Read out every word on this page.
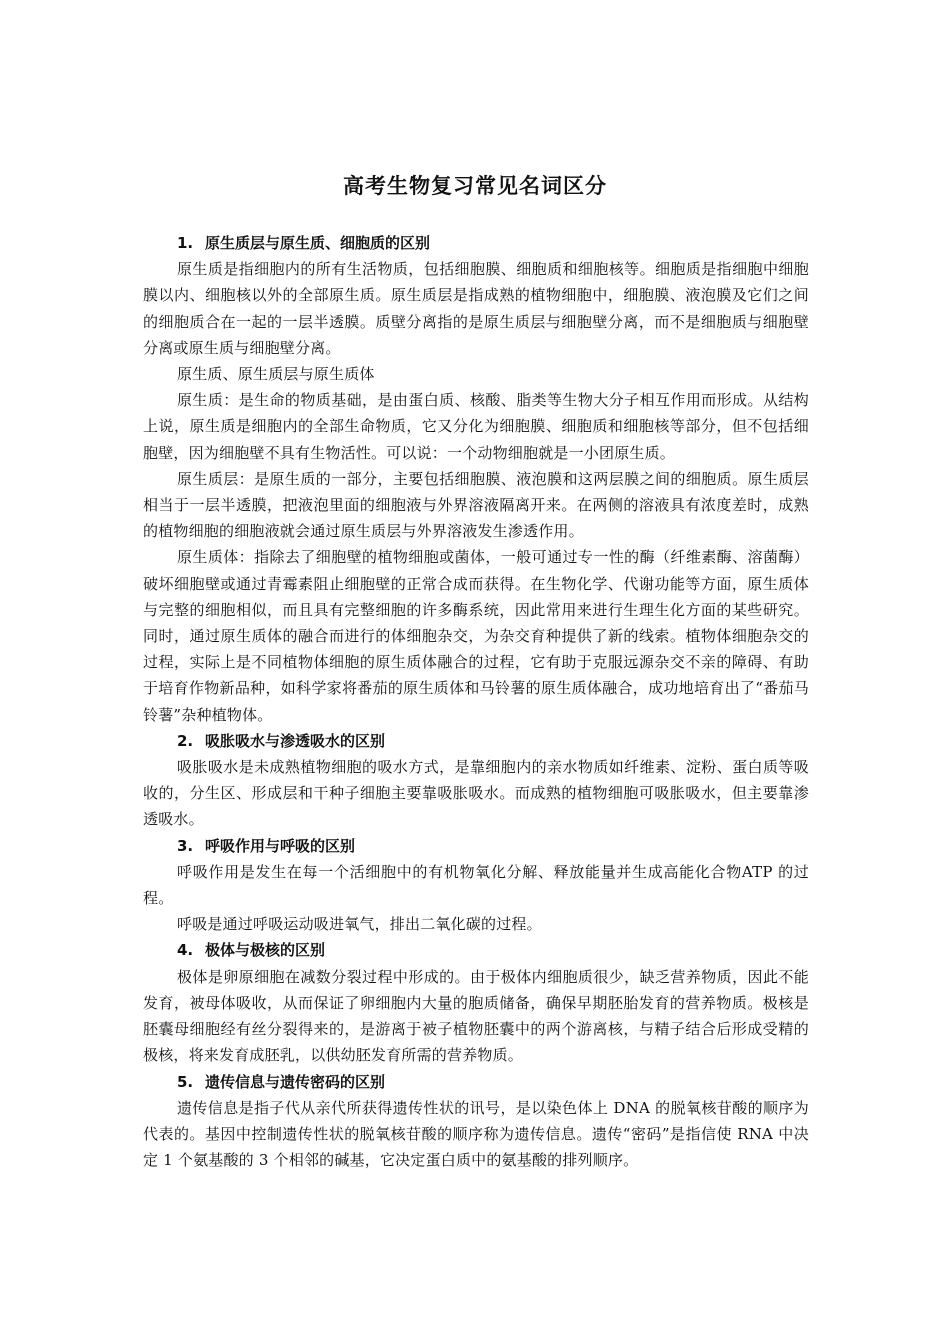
高考生物复习常见名词区分
1. 原生质层与原生质、细胞质的区别

原生质是指细胞内的所有生活物质，包括细胞膜、细胞质和细胞核等。细胞质是指细胞中细胞膜以内、细胞核以外的全部原生质。原生质层是指成熟的植物细胞中，细胞膜、液泡膜及它们之间的细胞质合在一起的一层半透膜。质壁分离指的是原生质层与细胞壁分离，而不是细胞质与细胞壁分离或原生质与细胞壁分离。

原生质、原生质层与原生质体

原生质：是生命的物质基础，是由蛋白质、核酸、脂类等生物大分子相互作用而形成。从结构上说，原生质是细胞内的全部生命物质，它又分化为细胞膜、细胞质和细胞核等部分，但不包括细胞壁，因为细胞壁不具有生物活性。可以说：一个动物细胞就是一小团原生质。

原生质层：是原生质的一部分，主要包括细胞膜、液泡膜和这两层膜之间的细胞质。原生质层相当于一层半透膜，把液泡里面的细胞液与外界溶液隔离开来。在两侧的溶液具有浓度差时，成熟的植物细胞的细胞液就会通过原生质层与外界溶液发生渗透作用。

原生质体：指除去了细胞壁的植物细胞或菌体，一般可通过专一性的酶（纤维素酶、溶菌酶）破坏细胞壁或通过青霉素阻止细胞壁的正常合成而获得。在生物化学、代谢功能等方面，原生质体与完整的细胞相似，而且具有完整细胞的许多酶系统，因此常用来进行生理生化方面的某些研究。同时，通过原生质体的融合而进行的体细胞杂交，为杂交育种提供了新的线索。植物体细胞杂交的过程，实际上是不同植物体细胞的原生质体融合的过程，它有助于克服远源杂交不亲的障碍、有助于培育作物新品种，如科学家将番茄的原生质体和马铃薯的原生质体融合，成功地培育出了“番茄马铃薯”杂种植物体。

2. 吸胀吸水与渗透吸水的区别

吸胀吸水是未成熟植物细胞的吸水方式，是靠细胞内的亲水物质如纤维素、淀粉、蛋白质等吸收的，分生区、形成层和干种子细胞主要靠吸胀吸水。而成熟的植物细胞可吸胀吸水，但主要靠渗透吸水。

3. 呼吸作用与呼吸的区别

呼吸作用是发生在每一个活细胞中的有机物氧化分解、释放能量并生成高能化合物ATP 的过程。

呼吸是通过呼吸运动吸进氧气，排出二氧化碳的过程。

4. 极体与极核的区别

极体是卵原细胞在减数分裂过程中形成的。由于极体内细胞质很少，缺乏营养物质，因此不能发育，被母体吸收，从而保证了卵细胞内大量的胞质储备，确保早期胚胎发育的营养物质。极核是胚囊母细胞经有丝分裂得来的，是游离于被子植物胚囊中的两个游离核，与精子结合后形成受精的极核，将来发育成胚乳，以供幼胚发育所需的营养物质。

5. 遗传信息与遗传密码的区别

遗传信息是指子代从亲代所获得遗传性状的讯号，是以染色体上 DNA 的脱氧核苷酸的顺序为代表的。基因中控制遗传性状的脱氧核苷酸的顺序称为遗传信息。遗传“密码”是指信使 RNA 中决定 1 个氨基酸的 3 个相邻的碱基，它决定蛋白质中的氨基酸的排列顺序。
